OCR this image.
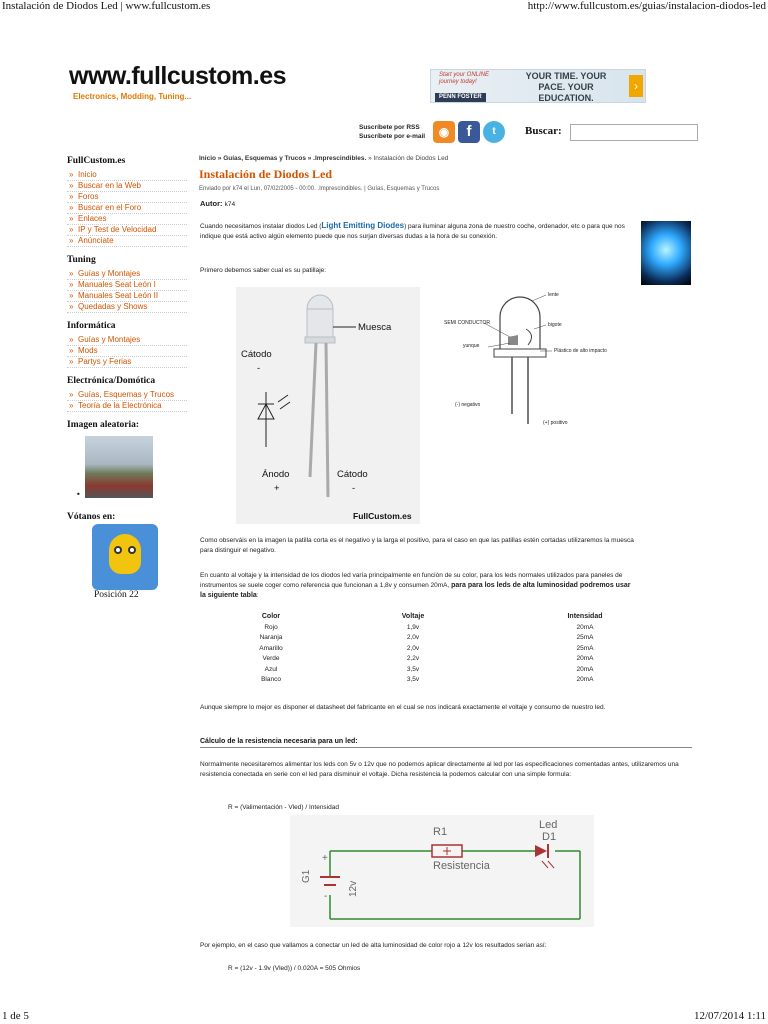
Instalación de Diodos Led | www.fullcustom.es	http://www.fullcustom.es/guias/instalacion-diodos-led
www.fullcustom.es
Electronics, Modding, Tuning...
Start your ONLINE journey today!
YOUR TIME. YOUR PACE. YOUR EDUCATION.
PENN FOSTER
›
Suscríbete por RSS
Suscríbete por e-mail	◉	f	t	Buscar:
FullCustom.es
» Inicio
» Buscar en la Web
» Foros
» Buscar en el Foro
» Enlaces
» IP y Test de Velocidad
» Anúnciate
Tuning
» Guías y Montajes
» Manuales Seat León I
» Manuales Seat León II
» Quedadas y Shows
Informática
» Guías y Montajes
» Mods
» Partys y Ferias
Electrónica/Domótica
» Guías, Esquemas y Trucos
» Teoría de la Electrónica
Imagen aleatoria:
•
Vótanos en:
Posición 22
Inicio » Guías, Esquemas y Trucos » .Imprescindibles. » Instalación de Diodos Led
Instalación de Diodos Led
Enviado por k74 el Lun, 07/02/2005 - 00:00. .Imprescindibles. | Guías, Esquemas y Trucos
Autor: k74
Cuando necesitamos instalar diodos Led (Light Emitting Diodes) para iluminar alguna zona de nuestro coche, ordenador, etc o para que nos indique que está activo algún elemento puede que nos surjan diversas dudas a la hora de su conexión.
Primero debemos saber cual es su patillaje:
Muesca
Cátodo
-
Ánodo
+
Cátodo
-
FullCustom.es
lente
SEMI CONDUCTOR	bigote
yunque
Plástico de alto impacto
(-) negativo
(+) positivo
Como observáis en la imagen la patilla corta es el negativo y la larga el positivo, para el caso en que las patillas estén cortadas utilizaremos la muesca para distinguir el negativo.
En cuanto al voltaje y la intensidad de los diodos led varía principalmente en función de su color, para los leds normales utilizados para paneles de instrumentos se suele coger como referencia que funcionan a 1,8v y consumen 20mA, para para los leds de alta luminosidad podremos usar la siguiente tabla:
Color	Voltaje	Intensidad
Rojo	1,9v	20mA
Naranja	2,0v	25mA
Amarillo	2,0v	25mA
Verde	2,2v	20mA
Azul	3,5v	20mA
Blanco	3,5v	20mA
Aunque siempre lo mejor es disponer el datasheet del fabricante en el cual se nos indicará exactamente el voltaje y consumo de nuestro led.
Cálculo de la resistencia necesaria para un led:
Normalmente necesitaremos alimentar los leds con 5v o 12v que no podemos aplicar directamente al led por las especificaciones comentadas antes, utilizaremos una resistencia conectada en serie con el led para disminuir el voltaje. Dicha resistencia la podemos calcular con una simple formula:
R = (Valimentación - Vled) / Intensidad
R1
Resistencia
Led
D1
G1
12v
+
-
Por ejemplo, en el caso que vallamos a conectar un led de alta luminosidad de color rojo a 12v los resultados serian así:
R = (12v - 1.9v (Vled)) / 0.020A = 505 Ohmios
1 de 5	12/07/2014 1:11
